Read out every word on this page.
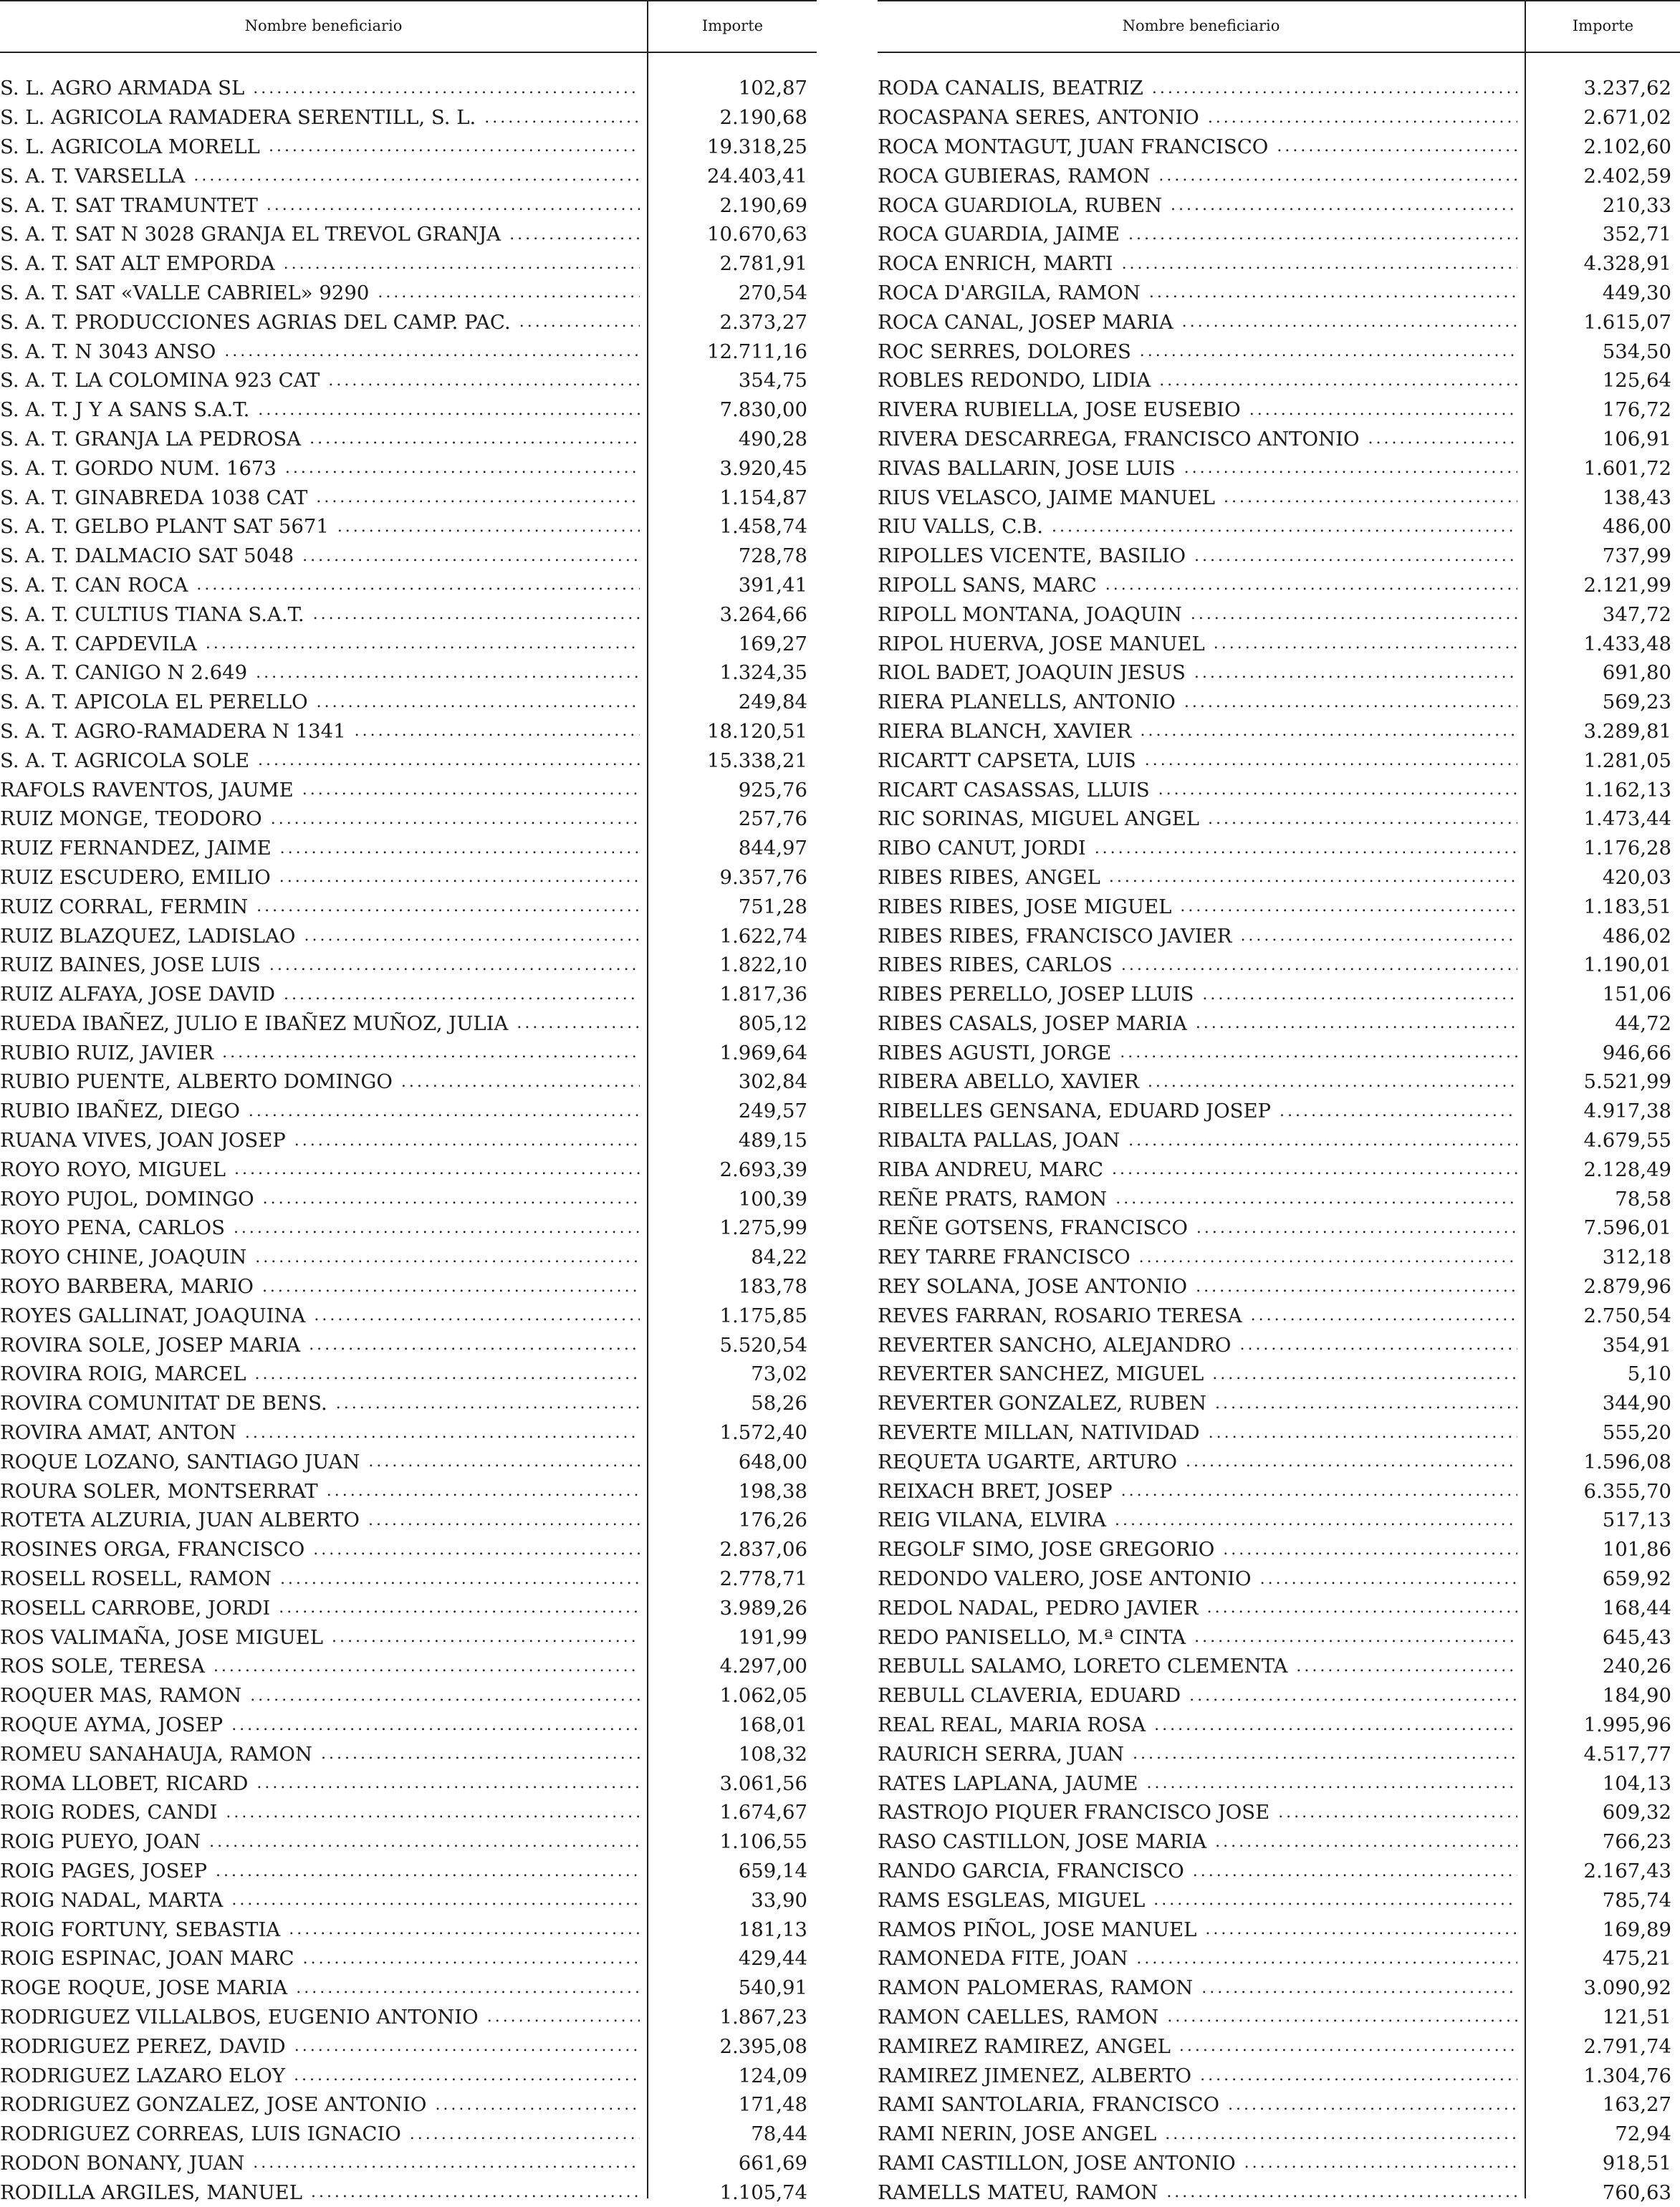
Nombre beneficiario	Importe
S. L. AGRO ARMADA SL .....	102,87
S. L. AGRICOLA RAMADERA SERENTILL, S. L. .....	2.190,68
S. L. AGRICOLA MORELL .....	19.318,25
S. A. T. VARSELLA .....	24.403,41
S. A. T. SAT TRAMUNTET .....	2.190,69
S. A. T. SAT N 3028 GRANJA EL TREVOL GRANJA .....	10.670,63
S. A. T. SAT ALT EMPORDA .....	2.781,91
S. A. T. SAT «VALLE CABRIEL» 9290 .....	270,54
S. A. T. PRODUCCIONES AGRIAS DEL CAMP. PAC. .....	2.373,27
S. A. T. N 3043 ANSO .....	12.711,16
S. A. T. LA COLOMINA 923 CAT .....	354,75
S. A. T. J Y A SANS S.A.T. .....	7.830,00
S. A. T. GRANJA LA PEDROSA .....	490,28
S. A. T. GORDO NUM. 1673 .....	3.920,45
S. A. T. GINABREDA 1038 CAT .....	1.154,87
S. A. T. GELBO PLANT SAT 5671 .....	1.458,74
S. A. T. DALMACIO SAT 5048 .....	728,78
S. A. T. CAN ROCA .....	391,41
S. A. T. CULTIUS TIANA S.A.T. .....	3.264,66
S. A. T. CAPDEVILA .....	169,27
S. A. T. CANIGO N 2.649 .....	1.324,35
S. A. T. APICOLA EL PERELLO .....	249,84
S. A. T. AGRO-RAMADERA N 1341 .....	18.120,51
S. A. T. AGRICOLA SOLE .....	15.338,21
RAFOLS RAVENTOS, JAUME .....	925,76
RUIZ MONGE, TEODORO .....	257,76
RUIZ FERNANDEZ, JAIME .....	844,97
RUIZ ESCUDERO, EMILIO .....	9.357,76
RUIZ CORRAL, FERMIN .....	751,28
RUIZ BLAZQUEZ, LADISLAO .....	1.622,74
RUIZ BAINES, JOSE LUIS .....	1.822,10
RUIZ ALFAYA, JOSE DAVID .....	1.817,36
RUEDA IBAÑEZ, JULIO E IBAÑEZ MUÑOZ, JULIA .....	805,12
RUBIO RUIZ, JAVIER .....	1.969,64
RUBIO PUENTE, ALBERTO DOMINGO .....	302,84
RUBIO IBAÑEZ, DIEGO .....	249,57
RUANA VIVES, JOAN JOSEP .....	489,15
ROYO ROYO, MIGUEL .....	2.693,39
ROYO PUJOL, DOMINGO .....	100,39
ROYO PENA, CARLOS .....	1.275,99
ROYO CHINE, JOAQUIN .....	84,22
ROYO BARBERA, MARIO .....	183,78
ROYES GALLINAT, JOAQUINA .....	1.175,85
ROVIRA SOLE, JOSEP MARIA .....	5.520,54
ROVIRA ROIG, MARCEL .....	73,02
ROVIRA COMUNITAT DE BENS. .....	58,26
ROVIRA AMAT, ANTON .....	1.572,40
ROQUE LOZANO, SANTIAGO JUAN .....	648,00
ROURA SOLER, MONTSERRAT .....	198,38
ROTETA ALZURIA, JUAN ALBERTO .....	176,26
ROSINES ORGA, FRANCISCO .....	2.837,06
ROSELL ROSELL, RAMON .....	2.778,71
ROSELL CARROBE, JORDI .....	3.989,26
ROS VALIMAÑA, JOSE MIGUEL .....	191,99
ROS SOLE, TERESA .....	4.297,00
ROQUER MAS, RAMON .....	1.062,05
ROQUE AYMA, JOSEP .....	168,01
ROMEU SANAHAUJA, RAMON .....	108,32
ROMA LLOBET, RICARD .....	3.061,56
ROIG RODES, CANDI .....	1.674,67
ROIG PUEYO, JOAN .....	1.106,55
ROIG PAGES, JOSEP .....	659,14
ROIG NADAL, MARTA .....	33,90
ROIG FORTUNY, SEBASTIA .....	181,13
ROIG ESPINAC, JOAN MARC .....	429,44
ROGE ROQUE, JOSE MARIA .....	540,91
RODRIGUEZ VILLALBOS, EUGENIO ANTONIO .....	1.867,23
RODRIGUEZ PEREZ, DAVID .....	2.395,08
RODRIGUEZ LAZARO ELOY .....	124,09
RODRIGUEZ GONZALEZ, JOSE ANTONIO .....	171,48
RODRIGUEZ CORREAS, LUIS IGNACIO .....	78,44
RODON BONANY, JUAN .....	661,69
RODILLA ARGILES, MANUEL .....	1.105,74
Nombre beneficiario	Importe
RODA CANALIS, BEATRIZ .....	3.237,62
ROCASPANA SERES, ANTONIO .....	2.671,02
ROCA MONTAGUT, JUAN FRANCISCO .....	2.102,60
ROCA GUBIERAS, RAMON .....	2.402,59
ROCA GUARDIOLA, RUBEN .....	210,33
ROCA GUARDIA, JAIME .....	352,71
ROCA ENRICH, MARTI .....	4.328,91
ROCA D'ARGILA, RAMON .....	449,30
ROCA CANAL, JOSEP MARIA .....	1.615,07
ROC SERRES, DOLORES .....	534,50
ROBLES REDONDO, LIDIA .....	125,64
RIVERA RUBIELLA, JOSE EUSEBIO .....	176,72
RIVERA DESCARREGA, FRANCISCO ANTONIO .....	106,91
RIVAS BALLARIN, JOSE LUIS .....	1.601,72
RIUS VELASCO, JAIME MANUEL .....	138,43
RIU VALLS, C.B. .....	486,00
RIPOLLES VICENTE, BASILIO .....	737,99
RIPOLL SANS, MARC .....	2.121,99
RIPOLL MONTANA, JOAQUIN .....	347,72
RIPOL HUERVA, JOSE MANUEL .....	1.433,48
RIOL BADET, JOAQUIN JESUS .....	691,80
RIERA PLANELLS, ANTONIO .....	569,23
RIERA BLANCH, XAVIER .....	3.289,81
RICARTT CAPSETA, LUIS .....	1.281,05
RICART CASASSAS, LLUIS .....	1.162,13
RIC SORINAS, MIGUEL ANGEL .....	1.473,44
RIBO CANUT, JORDI .....	1.176,28
RIBES RIBES, ANGEL .....	420,03
RIBES RIBES, JOSE MIGUEL .....	1.183,51
RIBES RIBES, FRANCISCO JAVIER .....	486,02
RIBES RIBES, CARLOS .....	1.190,01
RIBES PERELLO, JOSEP LLUIS .....	151,06
RIBES CASALS, JOSEP MARIA .....	44,72
RIBES AGUSTI, JORGE .....	946,66
RIBERA ABELLO, XAVIER .....	5.521,99
RIBELLES GENSANA, EDUARD JOSEP .....	4.917,38
RIBALTA PALLAS, JOAN .....	4.679,55
RIBA ANDREU, MARC .....	2.128,49
REÑE PRATS, RAMON .....	78,58
REÑE GOTSENS, FRANCISCO .....	7.596,01
REY TARRE FRANCISCO .....	312,18
REY SOLANA, JOSE ANTONIO .....	2.879,96
REVES FARRAN, ROSARIO TERESA .....	2.750,54
REVERTER SANCHO, ALEJANDRO .....	354,91
REVERTER SANCHEZ, MIGUEL .....	5,10
REVERTER GONZALEZ, RUBEN .....	344,90
REVERTE MILLAN, NATIVIDAD .....	555,20
REQUETA UGARTE, ARTURO .....	1.596,08
REIXACH BRET, JOSEP .....	6.355,70
REIG VILANA, ELVIRA .....	517,13
REGOLF SIMO, JOSE GREGORIO .....	101,86
REDONDO VALERO, JOSE ANTONIO .....	659,92
REDOL NADAL, PEDRO JAVIER .....	168,44
REDO PANISELLO, M.ª CINTA .....	645,43
REBULL SALAMO, LORETO CLEMENTA .....	240,26
REBULL CLAVERIA, EDUARD .....	184,90
REAL REAL, MARIA ROSA .....	1.995,96
RAURICH SERRA, JUAN .....	4.517,77
RATES LAPLANA, JAUME .....	104,13
RASTROJO PIQUER FRANCISCO JOSE .....	609,32
RASO CASTILLON, JOSE MARIA .....	766,23
RANDO GARCIA, FRANCISCO .....	2.167,43
RAMS ESGLEAS, MIGUEL .....	785,74
RAMOS PIÑOL, JOSE MANUEL .....	169,89
RAMONEDA FITE, JOAN .....	475,21
RAMON PALOMERAS, RAMON .....	3.090,92
RAMON CAELLES, RAMON .....	121,51
RAMIREZ RAMIREZ, ANGEL .....	2.791,74
RAMIREZ JIMENEZ, ALBERTO .....	1.304,76
RAMI SANTOLARIA, FRANCISCO .....	163,27
RAMI NERIN, JOSE ANGEL .....	72,94
RAMI CASTILLON, JOSE ANTONIO .....	918,51
RAMELLS MATEU, RAMON .....	760,63
